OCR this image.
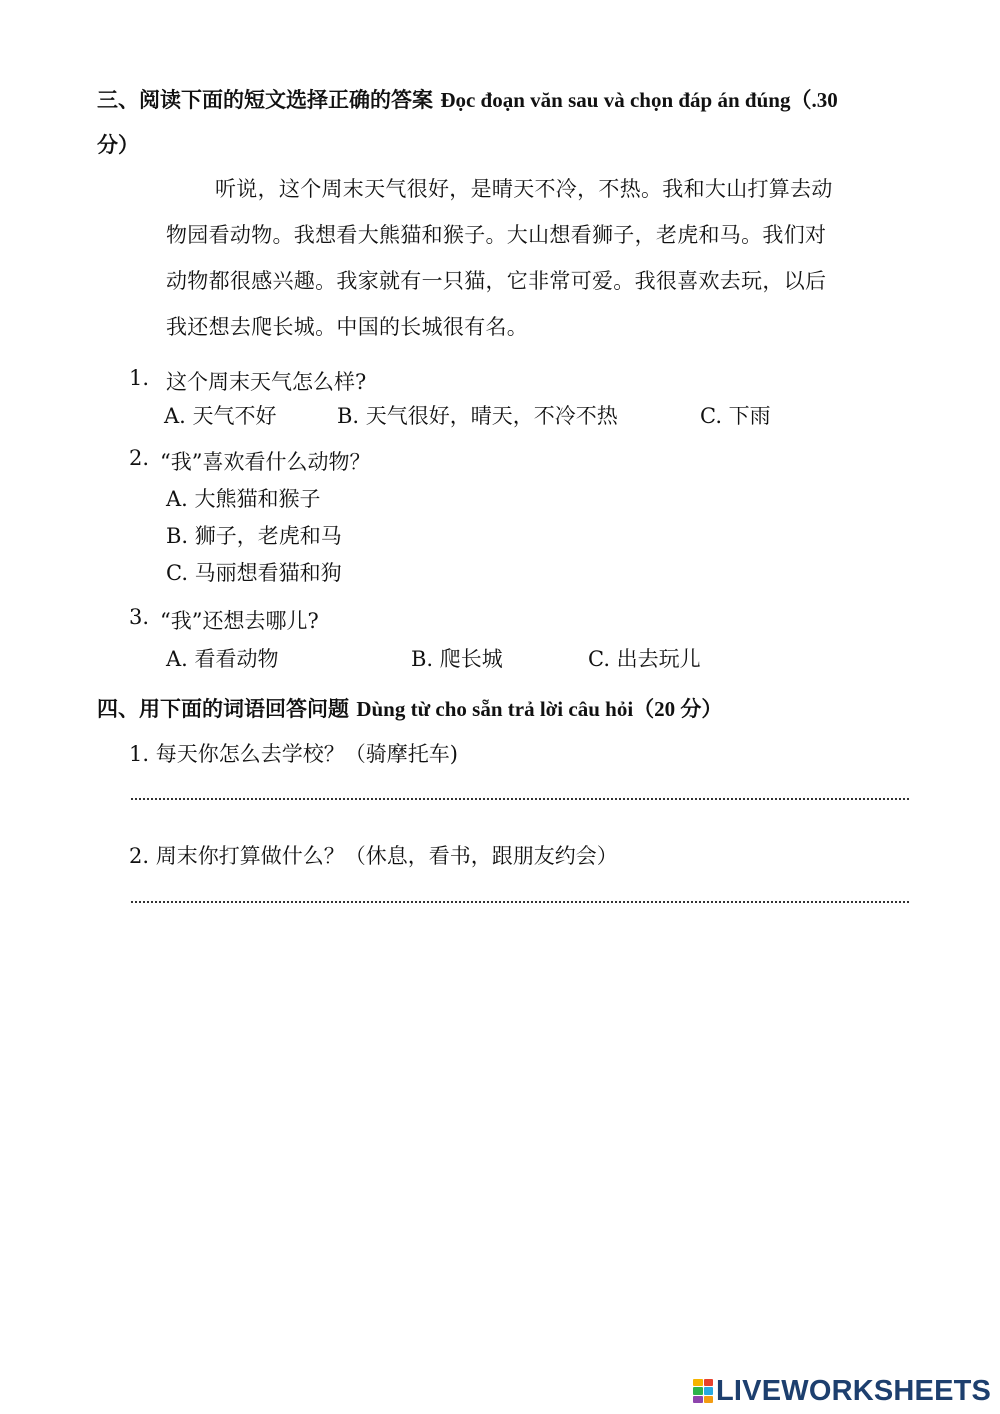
三、阅读下面的短文选择正确的答案 Đọc đoạn văn sau và chọn đáp án đúng（.30
分）
听说，这个周末天气很好，是晴天不冷，不热。我和大山打算去动
物园看动物。我想看大熊猫和猴子。大山想看狮子，老虎和马。我们对
动物都很感兴趣。我家就有一只猫，它非常可爱。我很喜欢去玩，以后
我还想去爬长城。中国的长城很有名。
1. 这个周末天气怎么样?
A. 天气不好	B. 天气很好，晴天，不冷不热	C. 下雨
2. “我”喜欢看什么动物？
A. 大熊猫和猴子
B. 狮子，老虎和马
C. 马丽想看猫和狗
3. “我”还想去哪儿?
A. 看看动物	B. 爬长城	C. 出去玩儿
四、用下面的词语回答问题 Dùng từ cho sẵn trả lời câu hỏi（20 分）
1. 每天你怎么去学校？（骑摩托车)
2. 周末你打算做什么？（休息，看书，跟朋友约会）
LIVEWORKSHEETS
